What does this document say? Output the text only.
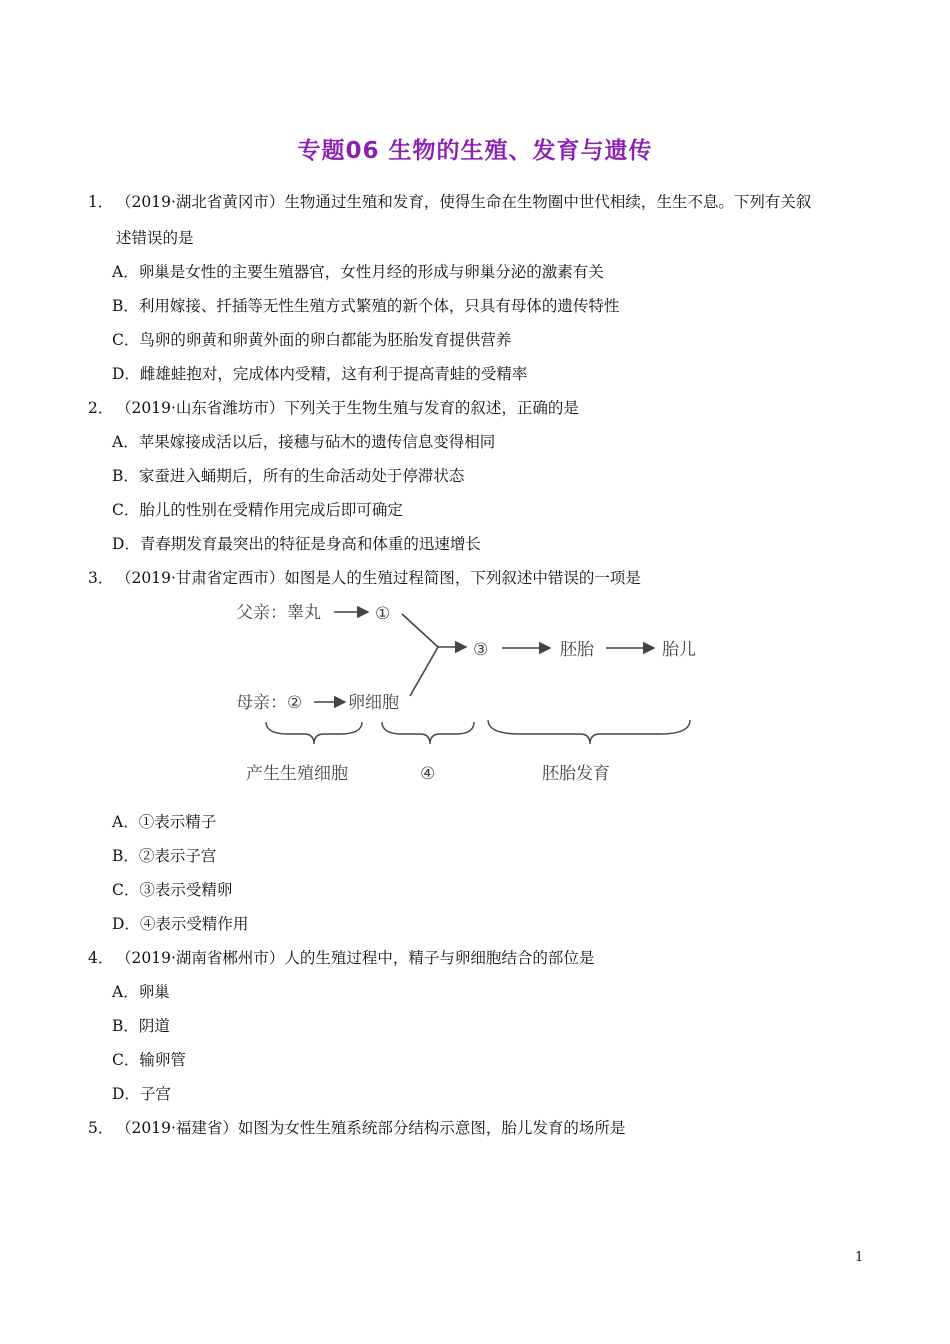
专题06 生物的生殖、发育与遗传
1． （2019·湖北省黄冈市）生物通过生殖和发育，使得生命在生物圈中世代相续，生生不息。下列有关叙
述错误的是
A．卵巢是女性的主要生殖器官，女性月经的形成与卵巢分泌的激素有关
B．利用嫁接、扦插等无性生殖方式繁殖的新个体，只具有母体的遗传特性
C．鸟卵的卵黄和卵黄外面的卵白都能为胚胎发育提供营养
D．雌雄蛙抱对，完成体内受精，这有利于提高青蛙的受精率
2． （2019·山东省潍坊市）下列关于生物生殖与发育的叙述，正确的是
A．苹果嫁接成活以后，接穗与砧木的遗传信息变得相同
B．家蚕进入蛹期后，所有的生命活动处于停滞状态
C．胎儿的性别在受精作用完成后即可确定
D．青春期发育最突出的特征是身高和体重的迅速增长
3． （2019·甘肃省定西市）如图是人的生殖过程简图，下列叙述中错误的一项是
父亲：睾丸	①
母亲：②	卵细胞
③	胚胎	胎儿
产生生殖细胞	④	胚胎发育
A．①表示精子
B．②表示子宫
C．③表示受精卵
D．④表示受精作用
4． （2019·湖南省郴州市）人的生殖过程中，精子与卵细胞结合的部位是
A．卵巢
B．阴道
C．输卵管
D．子宫
5． （2019·福建省）如图为女性生殖系统部分结构示意图，胎儿发育的场所是
1
